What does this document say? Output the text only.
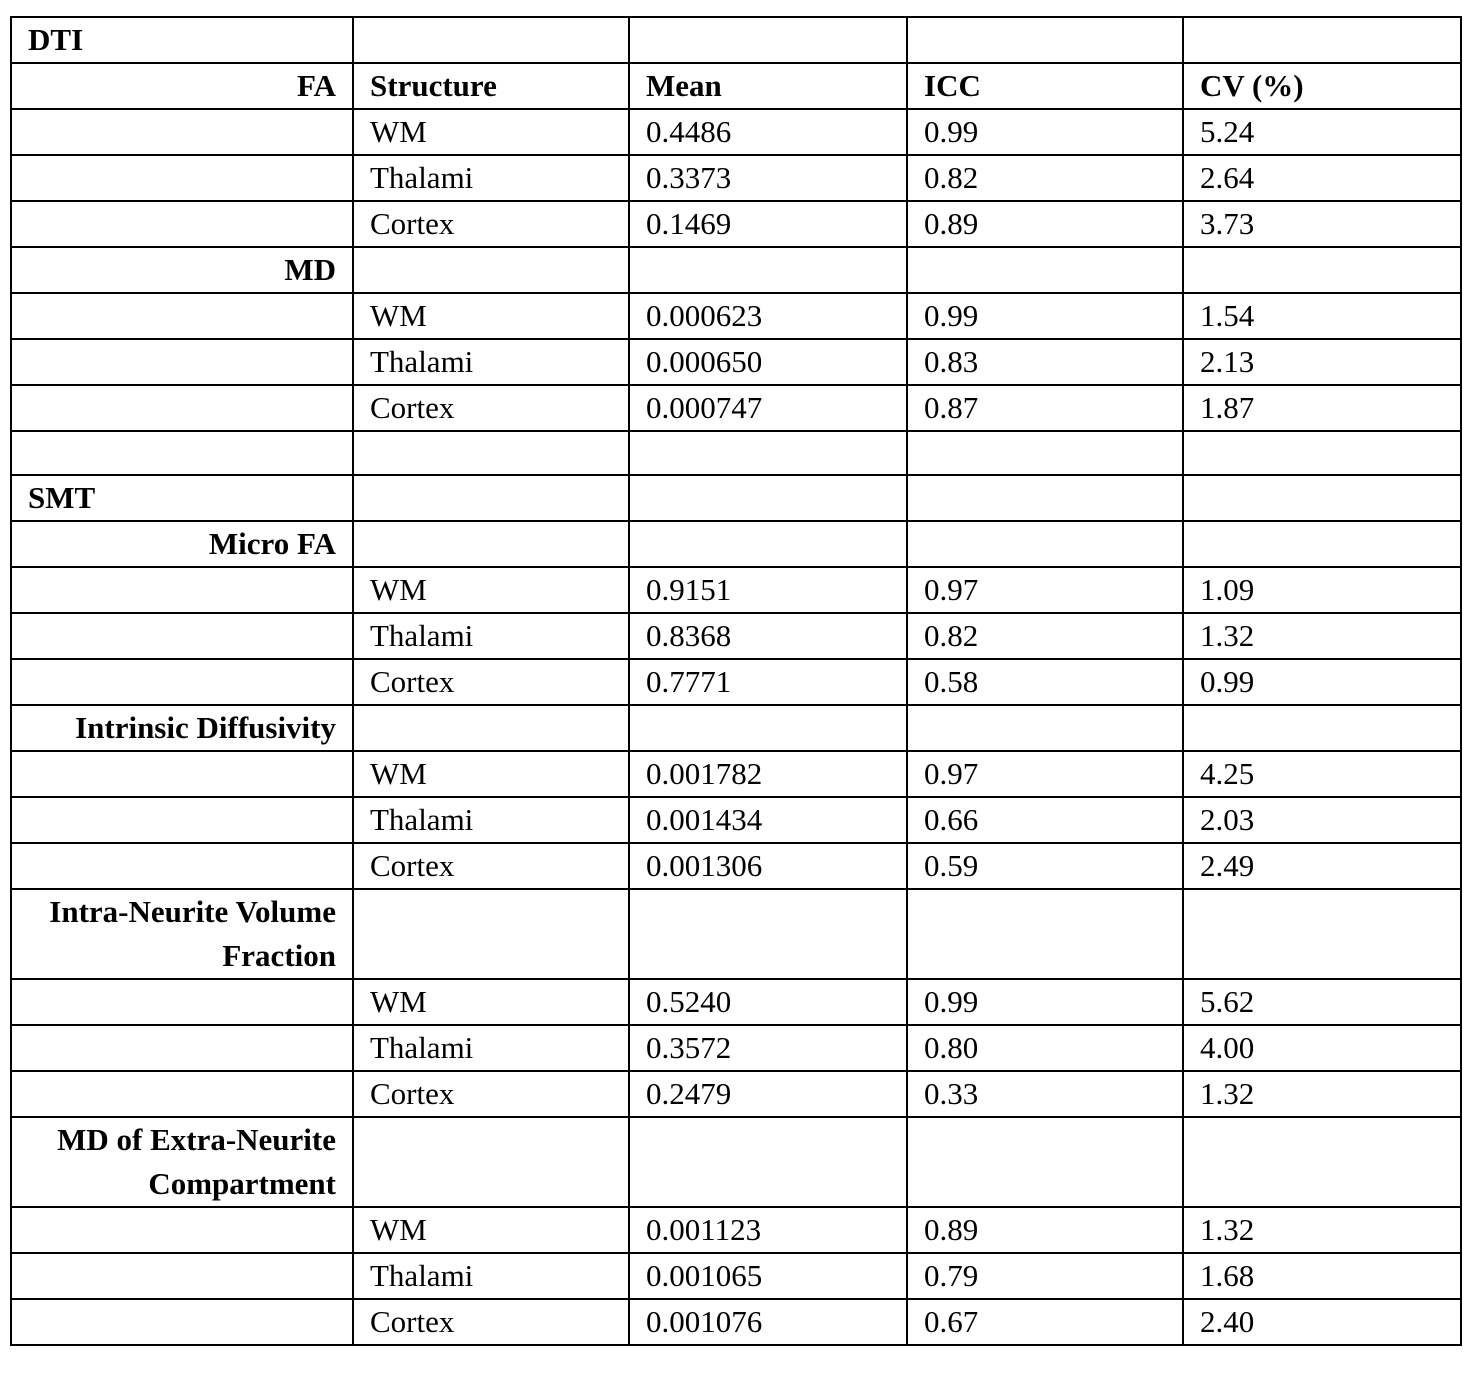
DTI				
FA	Structure	Mean	ICC	CV (%)
	WM	0.4486	0.99	5.24
	Thalami	0.3373	0.82	2.64
	Cortex	0.1469	0.89	3.73
MD				
	WM	0.000623	0.99	1.54
	Thalami	0.000650	0.83	2.13
	Cortex	0.000747	0.87	1.87

SMT				
Micro FA				
	WM	0.9151	0.97	1.09
	Thalami	0.8368	0.82	1.32
	Cortex	0.7771	0.58	0.99
Intrinsic Diffusivity				
	WM	0.001782	0.97	4.25
	Thalami	0.001434	0.66	2.03
	Cortex	0.001306	0.59	2.49
Intra-Neurite Volume Fraction				
	WM	0.5240	0.99	5.62
	Thalami	0.3572	0.80	4.00
	Cortex	0.2479	0.33	1.32
MD of Extra-Neurite Compartment				
	WM	0.001123	0.89	1.32
	Thalami	0.001065	0.79	1.68
	Cortex	0.001076	0.67	2.40
